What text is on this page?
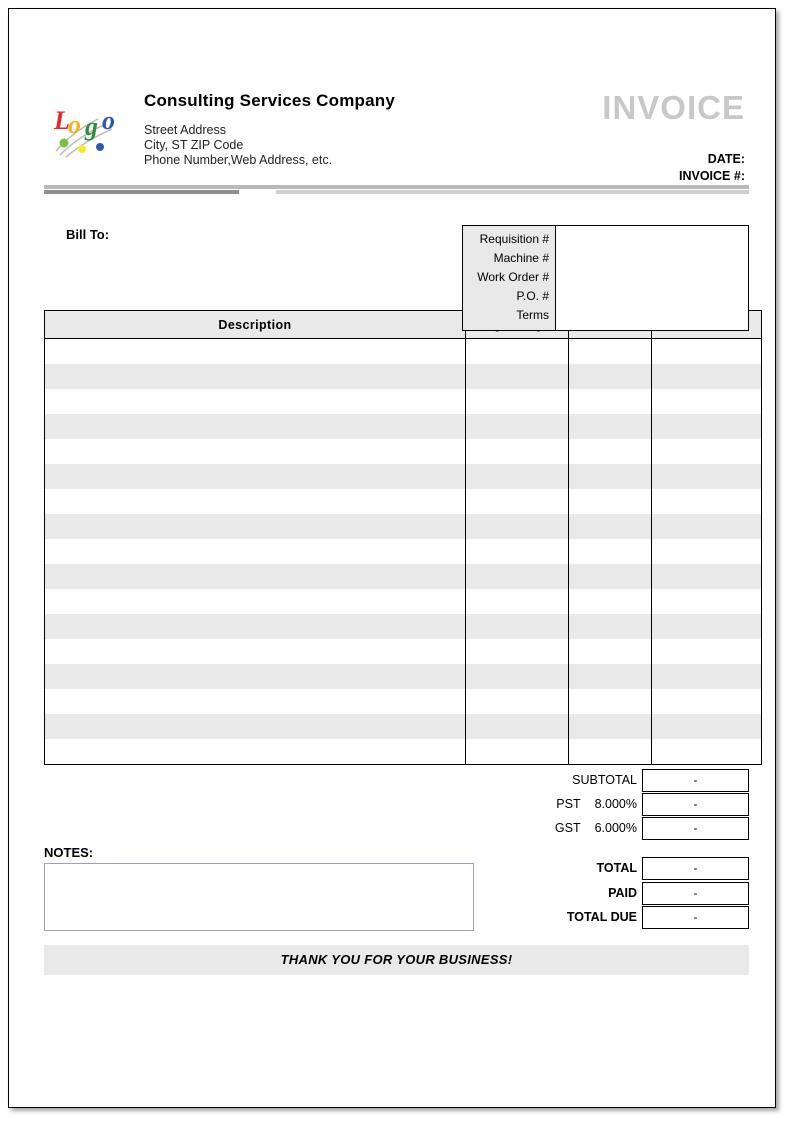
L
o g o
Consulting Services Company
Street Address
City, ST ZIP Code
Phone Number,Web Address, etc.
INVOICE
DATE:
INVOICE #:
Bill To:	Requisition #
Machine #
Work Order #
P.O. #
Terms

Description			

SUBTOTAL	-
PST 8.000%	-
GST 6.000%	-
NOTES:
TOTAL	-
PAID	-
TOTAL DUE	-
THANK YOU FOR YOUR BUSINESS!
